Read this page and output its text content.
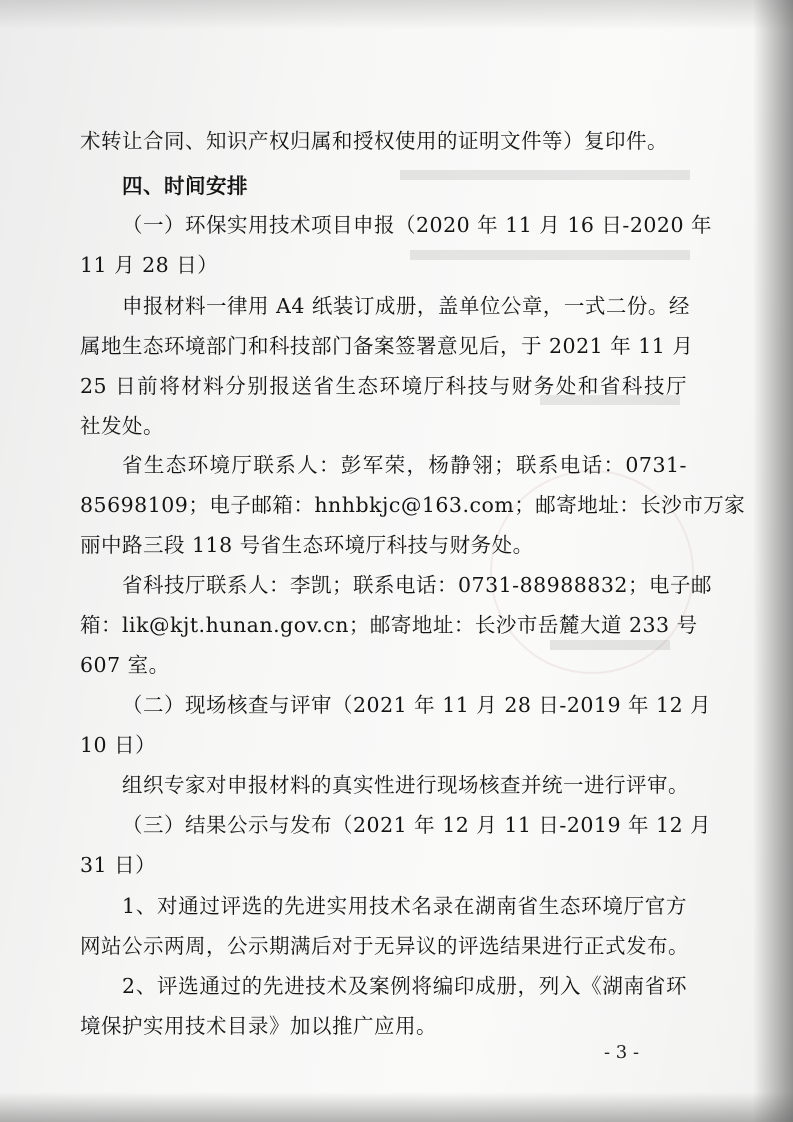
术转让合同、知识产权归属和授权使用的证明文件等）复印件。
四、时间安排
（一）环保实用技术项目申报（2020 年 11 月 16 日-2020 年
11 月 28 日）
申报材料一律用 A4 纸装订成册，盖单位公章，一式二份。经
属地生态环境部门和科技部门备案签署意见后，于 2021 年 11 月
25 日前将材料分别报送省生态环境厅科技与财务处和省科技厅
社发处。
省生态环境厅联系人：彭军荣，杨静翎；联系电话：0731-
85698109；电子邮箱：hnhbkjc@163.com；邮寄地址：长沙市万家
丽中路三段 118 号省生态环境厅科技与财务处。
省科技厅联系人：李凯；联系电话：0731-88988832；电子邮
箱：lik@kjt.hunan.gov.cn；邮寄地址：长沙市岳麓大道 233 号
607 室。
（二）现场核查与评审（2021 年 11 月 28 日-2019 年 12 月
10 日）
组织专家对申报材料的真实性进行现场核查并统一进行评审。
（三）结果公示与发布（2021 年 12 月 11 日-2019 年 12 月
31 日）
1、对通过评选的先进实用技术名录在湖南省生态环境厅官方
网站公示两周，公示期满后对于无异议的评选结果进行正式发布。
2、评选通过的先进技术及案例将编印成册，列入《湖南省环
境保护实用技术目录》加以推广应用。
- 3 -
